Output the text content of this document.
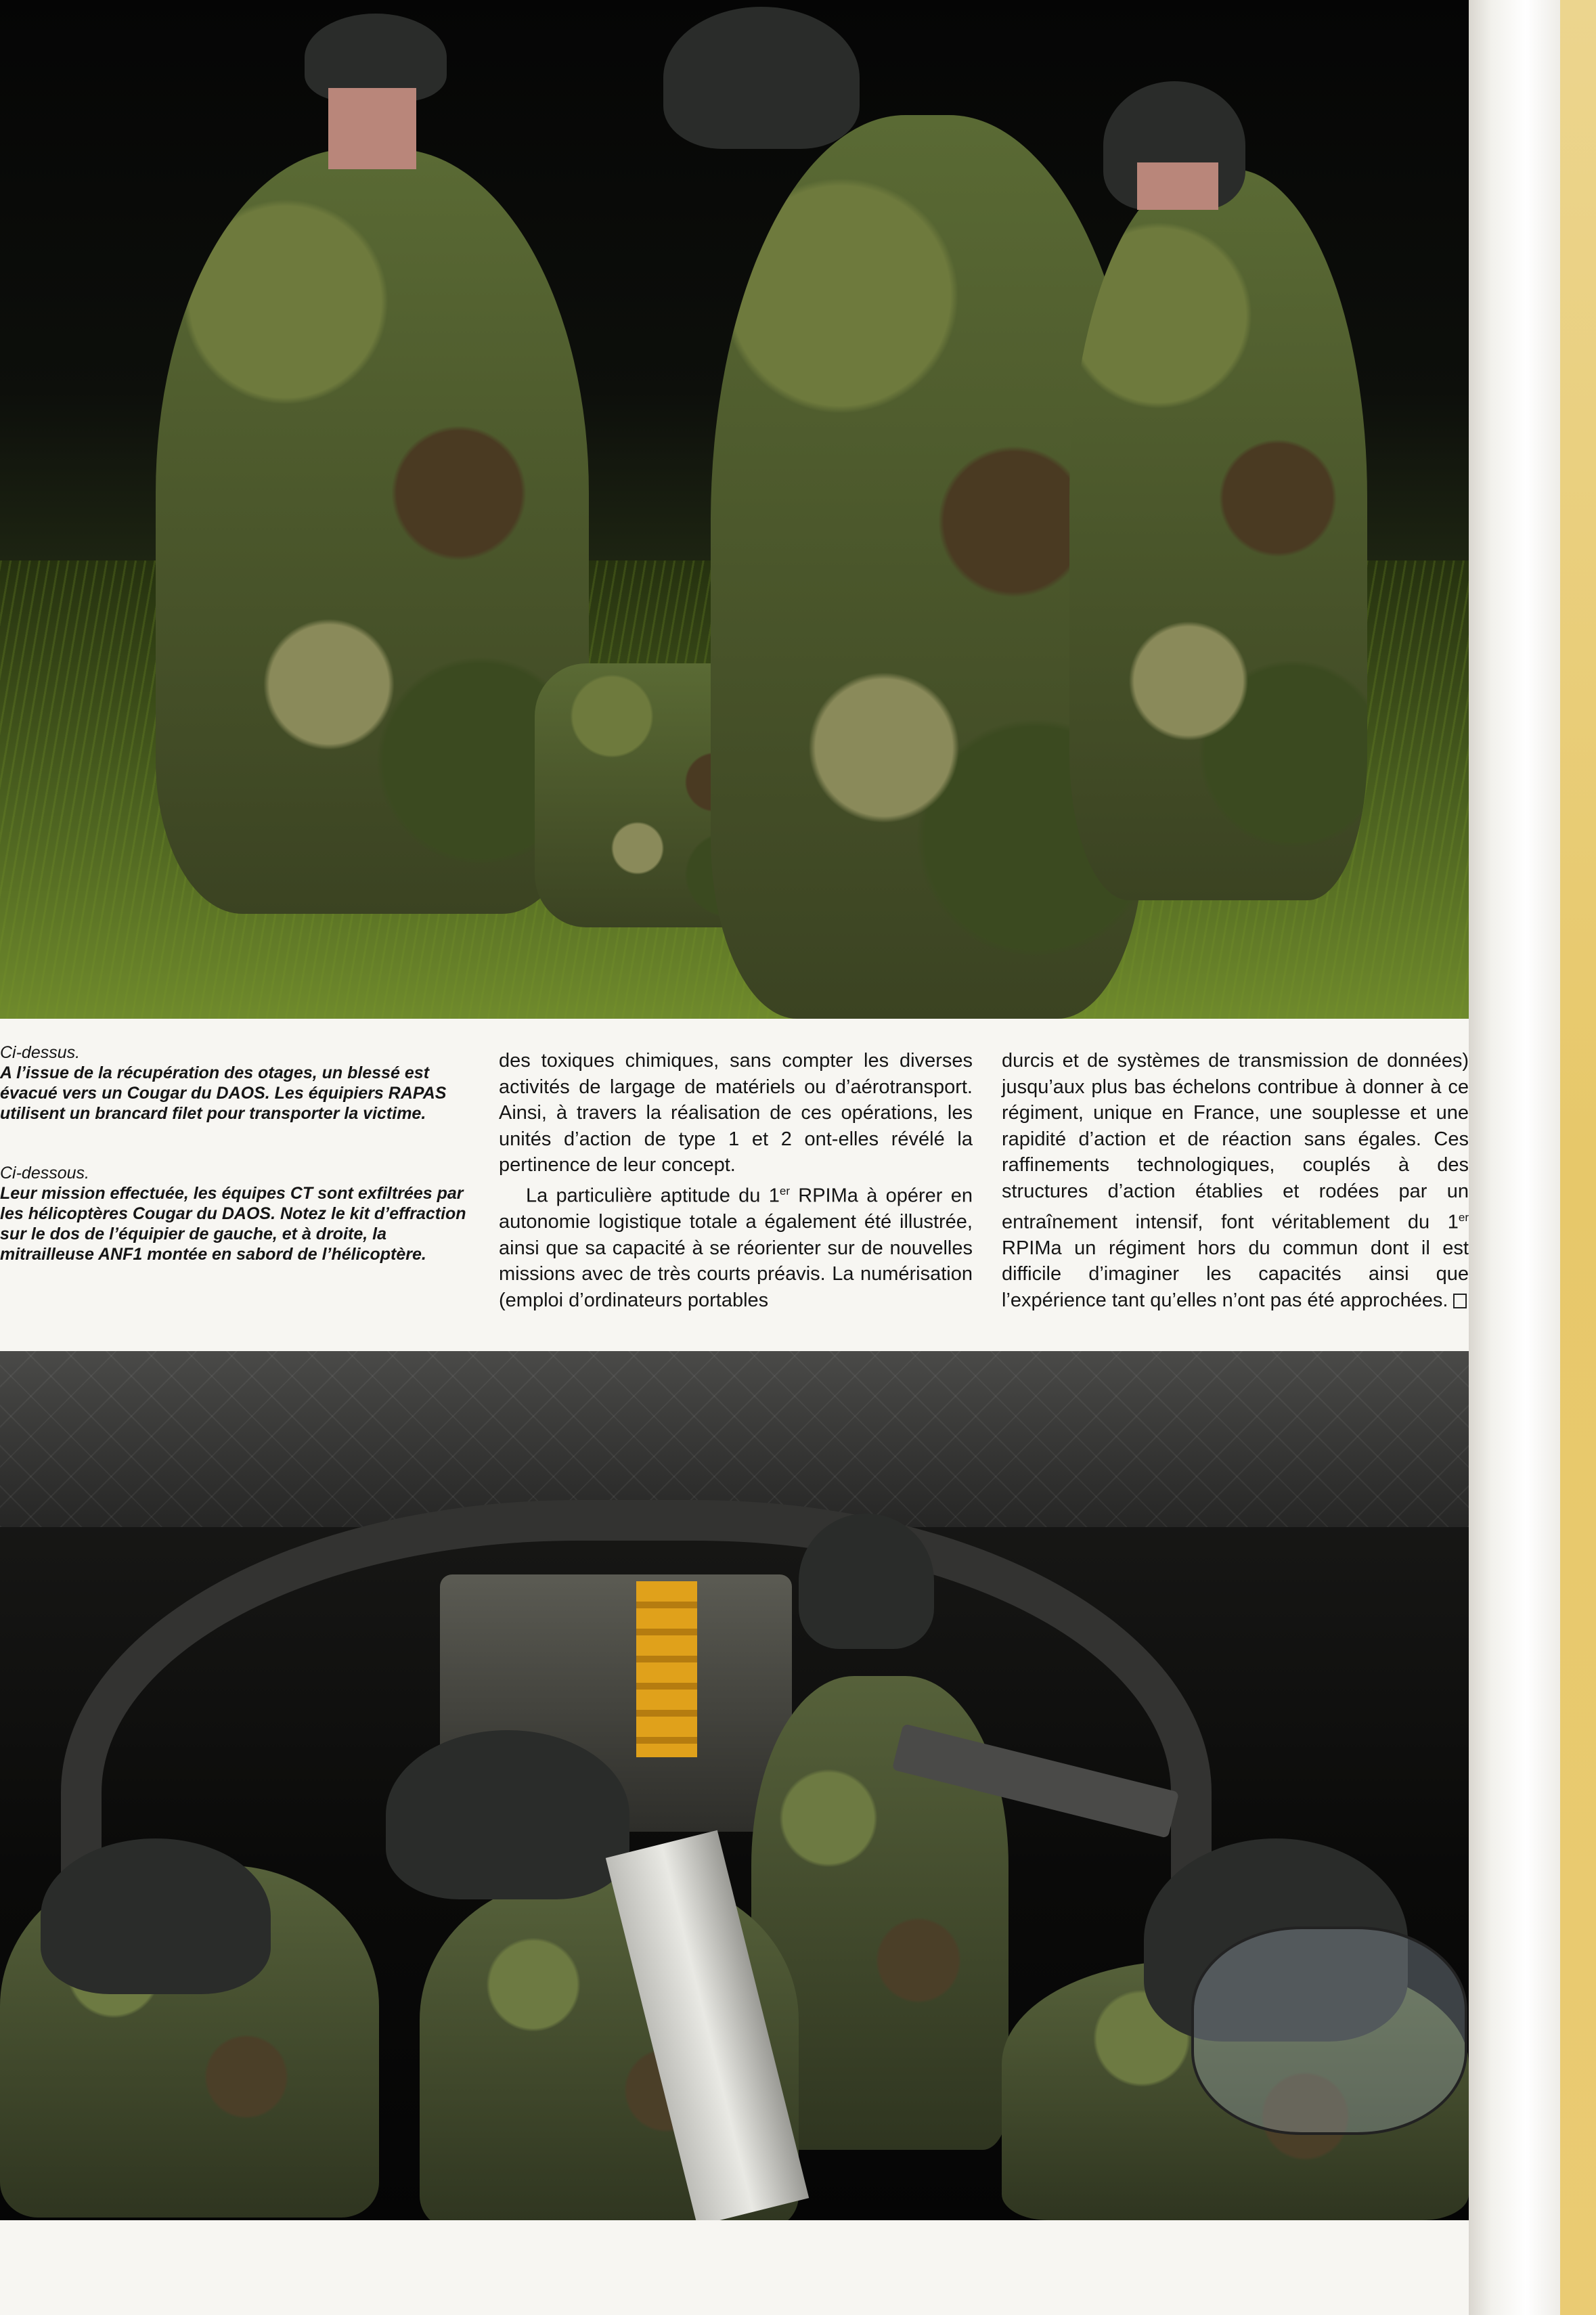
Ci-dessus.
A l’issue de la récupération des otages, un blessé est évacué vers un Cougar du DAOS. Les équipiers RAPAS utilisent un brancard filet pour transporter la victime.
Ci-dessous.
Leur mission effectuée, les équipes CT sont exfiltrées par les hélicoptères Cougar du DAOS. Notez le kit d’effraction sur le dos de l’équipier de gauche, et à droite, la mitrailleuse ANF1 montée en sabord de l’hélicoptère.

des toxiques chimiques, sans compter les diverses activités de largage de matériels ou d’aérotransport. Ainsi, à travers la réalisation de ces opérations, les unités d’action de type 1 et 2 ont-elles révélé la pertinence de leur concept.

La particulière aptitude du 1er RPIMa à opérer en autonomie logistique totale a également été illustrée, ainsi que sa capacité à se réorienter sur de nouvelles missions avec de très courts préavis. La numérisation (emploi d’ordinateurs portables

durcis et de systèmes de transmission de données) jusqu’aux plus bas échelons contribue à donner à ce régiment, unique en France, une souplesse et une rapidité d’action et de réaction sans égales. Ces raffinements technologiques, couplés à des structures d’action établies et rodées par un entraînement intensif, font véritablement du 1er RPIMa un régiment hors du commun dont il est difficile d’imaginer les capacités ainsi que l’expérience tant qu’elles n’ont pas été approchées.
